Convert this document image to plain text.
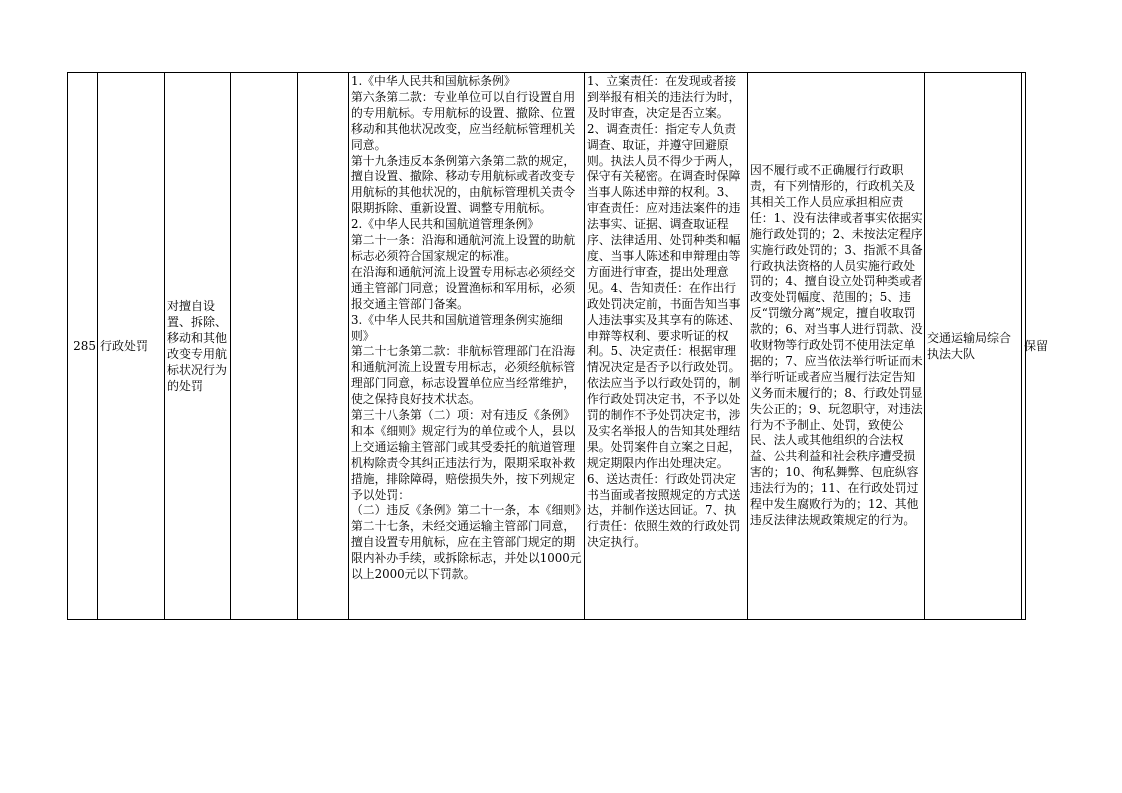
285 行政处罚
对擅自设置、拆除、移动和其他改变专用航标状况行为的处罚
1.《中华人民共和国航标条例》
第六条第二款：专业单位可以自行设置自用的专用航标。专用航标的设置、撤除、位置移动和其他状况改变，应当经航标管理机关同意。
第十九条违反本条例第六条第二款的规定，擅自设置、撤除、移动专用航标或者改变专用航标的其他状况的，由航标管理机关责令限期拆除、重新设置、调整专用航标。
2.《中华人民共和国航道管理条例》
第二十一条：沿海和通航河流上设置的助航标志必须符合国家规定的标准。
在沿海和通航河流上设置专用标志必须经交通主管部门同意；设置渔标和军用标，必须报交通主管部门备案。
3.《中华人民共和国航道管理条例实施细则》
第二十七条第二款：非航标管理部门在沿海和通航河流上设置专用标志，必须经航标管理部门同意，标志设置单位应当经常维护，使之保持良好技术状态。
第三十八条第（二）项：对有违反《条例》和本《细则》规定行为的单位或个人，县以上交通运输主管部门或其受委托的航道管理机构除责令其纠正违法行为，限期采取补救措施，排除障碍，赔偿损失外，按下列规定予以处罚：
（二）违反《条例》第二十一条，本《细则》第二十七条，未经交通运输主管部门同意，擅自设置专用航标，应在主管部门规定的期限内补办手续，或拆除标志，并处以1000元以上2000元以下罚款。
1、立案责任：在发现或者接到举报有相关的违法行为时，及时审查，决定是否立案。2、调查责任：指定专人负责调查、取证，并遵守回避原则。执法人员不得少于两人，保守有关秘密。在调查时保障当事人陈述申辩的权利。3、审查责任：应对违法案件的违法事实、证据、调查取证程序、法律适用、处罚种类和幅度、当事人陈述和申辩理由等方面进行审查，提出处理意见。4、告知责任：在作出行政处罚决定前，书面告知当事人违法事实及其享有的陈述、申辩等权利、要求听证的权利。5、决定责任：根据审理情况决定是否予以行政处罚。依法应当予以行政处罚的，制作行政处罚决定书，不予以处罚的制作不予处罚决定书，涉及实名举报人的告知其处理结果。处罚案件自立案之日起，规定期限内作出处理决定。
6、送达责任：行政处罚决定书当面或者按照规定的方式送达，并制作送达回证。7、执行责任：依照生效的行政处罚决定执行。
因不履行或不正确履行行政职责，有下列情形的，行政机关及其相关工作人员应承担相应责任：1、没有法律或者事实依据实施行政处罚的；2、未按法定程序实施行政处罚的；3、指派不具备行政执法资格的人员实施行政处罚的；4、擅自设立处罚种类或者改变处罚幅度、范围的；5、违反“罚缴分离”规定，擅自收取罚款的；6、对当事人进行罚款、没收财物等行政处罚不使用法定单据的；7、应当依法举行听证而未举行听证或者应当履行法定告知义务而未履行的；8、行政处罚显失公正的；9、玩忽职守，对违法行为不予制止、处罚，致使公民、法人或其他组织的合法权益、公共利益和社会秩序遭受损害的；10、徇私舞弊、包庇纵容违法行为的；11、在行政处罚过程中发生腐败行为的；12、其他违反法律法规政策规定的行为。
交通运输局综合执法大队
保留
